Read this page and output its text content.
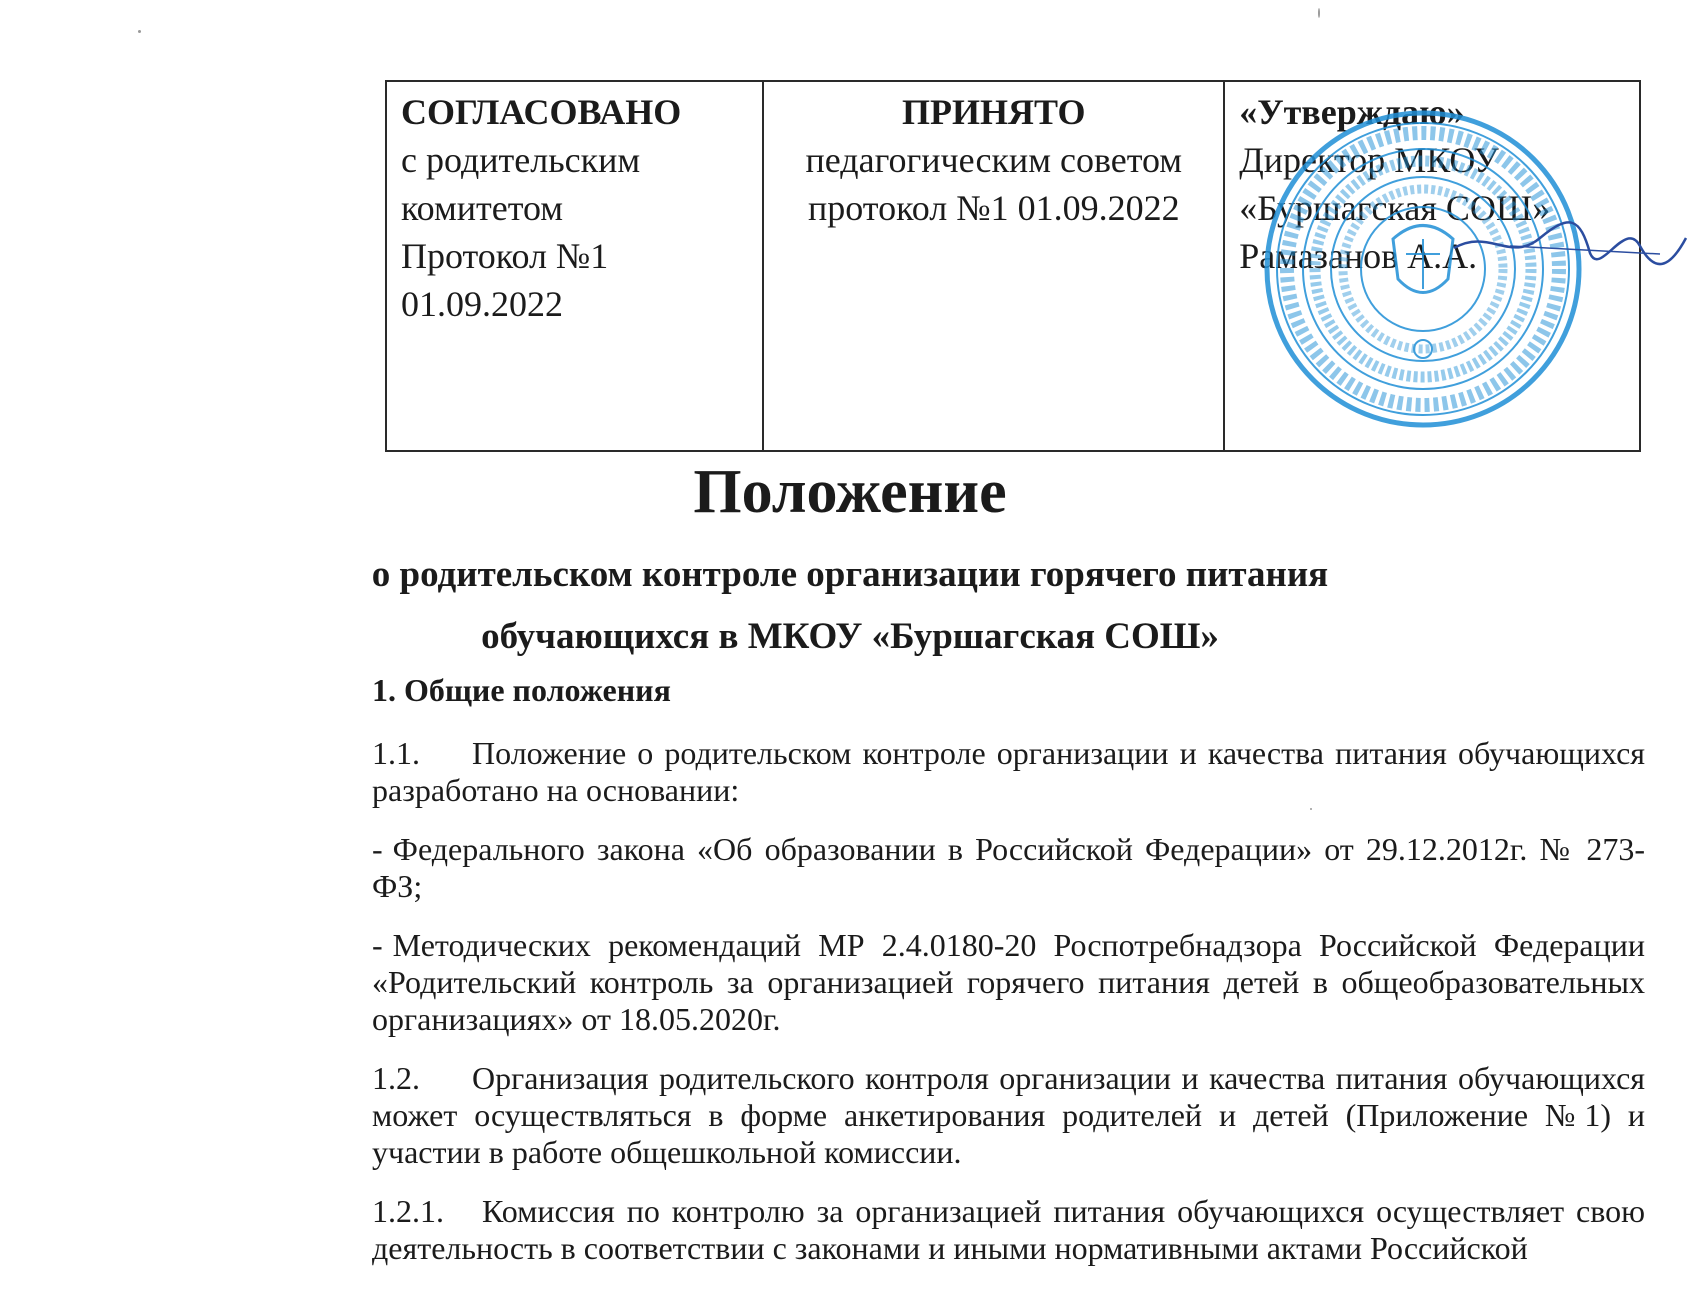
СОГЛАСОВАНО
с родительским
комитетом
Протокол №1
01.09.2022

ПРИНЯТО
педагогическим советом
протокол №1 01.09.2022

«Утверждаю»
Директор МКОУ
«Буршагская СОШ»
Рамазанов А.А.
Положение

о родительском контроле организации горячего питания

обучающихся в МКОУ «Буршагская СОШ»

1. Общие положения

1.1. Положение о родительском контроле организации и качества питания обучающихся разработано на основании:

- Федерального закона «Об образовании в Российской Федерации» от 29.12.2012г. № 273-ФЗ;

- Методических рекомендаций МР 2.4.0180-20 Роспотребнадзора Российской Федерации «Родительский контроль за организацией горячего питания детей в общеобразовательных организациях» от 18.05.2020г.

1.2. Организация родительского контроля организации и качества питания обучающихся может осуществляться в форме анкетирования родителей и детей (Приложение №1) и участии в работе общешкольной комиссии.

1.2.1. Комиссия по контролю за организацией питания обучающихся осуществляет свою деятельность в соответствии с законами и иными нормативными актами Российской
